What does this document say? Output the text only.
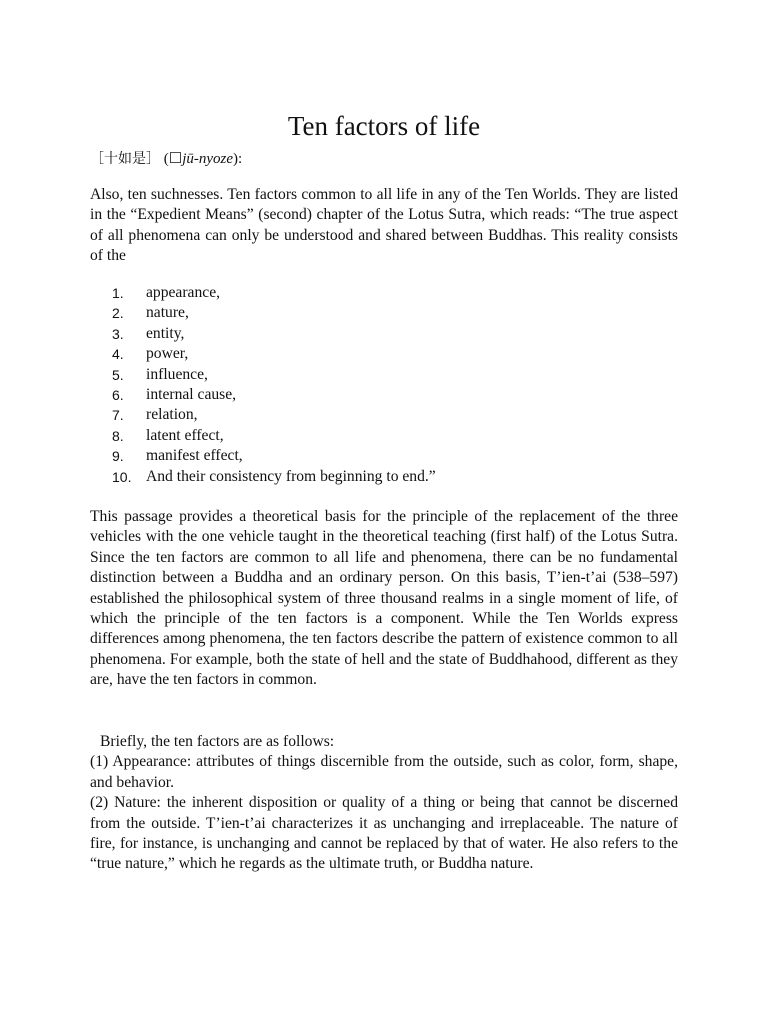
Ten factors of life
［十如是］ (☐jū-nyoze):

Also, ten suchnesses. Ten factors common to all life in any of the Ten Worlds. They are listed in the “Expedient Means” (second) chapter of the Lotus Sutra, which reads: “The true aspect of all phenomena can only be understood and shared between Buddhas. This reality consists of the

1.	appearance,
2.	nature,
3.	entity,
4.	power,
5.	influence,
6.	internal cause,
7.	relation,
8.	latent effect,
9.	manifest effect,
10. And their consistency from beginning to end.”

This passage provides a theoretical basis for the principle of the replacement of the three vehicles with the one vehicle taught in the theoretical teaching (first half) of the Lotus Sutra. Since the ten factors are common to all life and phenomena, there can be no fundamental distinction between a Buddha and an ordinary person. On this basis, T’ien-t’ai (538–597) established the philosophical system of three thousand realms in a single moment of life, of which the principle of the ten factors is a component. While the Ten Worlds express differences among phenomena, the ten factors describe the pattern of existence common to all phenomena. For example, both the state of hell and the state of Buddhahood, different as they are, have the ten factors in common.

Briefly, the ten factors are as follows:
(1) Appearance: attributes of things discernible from the outside, such as color, form, shape, and behavior.
(2) Nature: the inherent disposition or quality of a thing or being that cannot be discerned from the outside. T’ien-t’ai characterizes it as unchanging and irreplaceable. The nature of fire, for instance, is unchanging and cannot be replaced by that of water. He also refers to the “true nature,” which he regards as the ultimate truth, or Buddha nature.
